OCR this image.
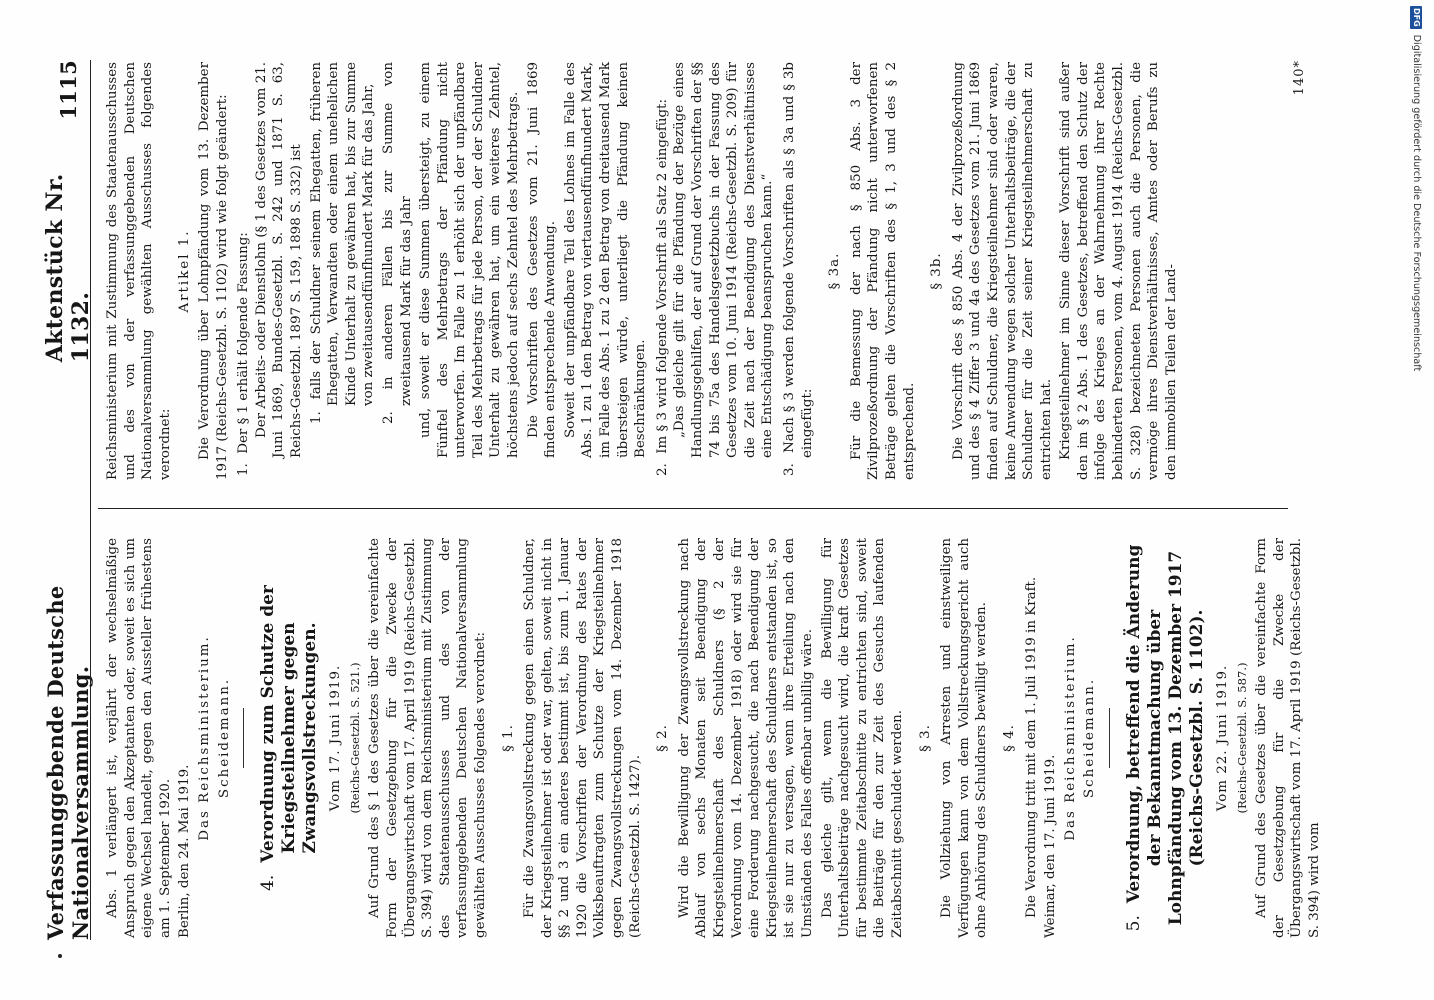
Verfassunggebende Deutsche Nationalversammlung.
Aktenstück Nr. 1132.
1115

Abs. 1 verlängert ist, verjährt der wechselmäßige Anspruch gegen den Akzeptanten oder, soweit es sich um eigene Wechsel handelt, gegen den Aussteller frühestens am 1. September 1920. Berlin, den 24. Mai 1919.

Das Reichsministerium. Scheidemann.

4. Verordnung zum Schutze der Kriegsteilnehmer gegen Zwangsvollstreckungen. Vom 17. Juni 1919. (Reichs-Gesetzbl. S. 521.) Auf Grund des § 1 des Gesetzes über die vereinfachte Form der Gesetzgebung für die Zwecke der Übergangswirtschaft vom 17. April 1919 (Reichs-Gesetzbl. S. 394) wird von dem Reichsministerium mit Zustimmung des Staatenausschusses und des von der verfassunggebenden Deutschen Nationalversammlung gewählten Ausschusses folgendes verordnet: § 1. Für die Zwangsvollstreckung gegen einen Schuldner, der Kriegsteilnehmer ist oder war, gelten, soweit nicht in §§ 2 und 3 ein anderes bestimmt ist, bis zum 1. Januar 1920 die Vorschriften der Verordnung des Rates der Volksbeauftragten zum Schutze der Kriegsteilnehmer gegen Zwangsvollstreckungen vom 14. Dezember 1918 (Reichs-Gesetzbl. S. 1427).

§ 2. Wird die Bewilligung der Zwangsvollstreckung nach Ablauf von sechs Monaten seit Beendigung der Kriegsteilnehmerschaft des Schuldners (§ 2 der Verordnung vom 14. Dezember 1918) oder wird sie für eine Forderung nachgesucht, die nach Beendigung der Kriegsteilnehmerschaft des Schuldners entstanden ist, so ist sie nur zu versagen, wenn ihre Erteilung nach den Umständen des Falles offenbar unbillig wäre. Das gleiche gilt, wenn die Bewilligung für Unterhaltsbeiträge nachgesucht wird, die kraft Gesetzes für bestimmte Zeitabschnitte zu entrichten sind, soweit die Beiträge für den zur Zeit des Gesuchs laufenden Zeitabschnitt geschuldet werden. § 3. Die Vollziehung von Arresten und einstweiligen Verfügungen kann von dem Vollstreckungsgericht auch ohne Anhörung des Schuldners bewilligt werden. § 4. Die Verordnung tritt mit dem 1. Juli 1919 in Kraft. Weimar, den 17. Juni 1919.

Das Reichsministerium. Scheidemann.

5. Verordnung, betreffend die Änderung der Bekanntmachung über Lohnpfändung vom 13. Dezember 1917 (Reichs-Gesetzbl. S. 1102). Vom 22. Juni 1919. (Reichs-Gesetzbl. S. 587.) Auf Grund des Gesetzes über die vereinfachte Form der Gesetzgebung für die Zwecke der Übergangswirtschaft vom 17. April 1919 (Reichs-Gesetzbl. S. 394) wird vom

Reichsministerium mit Zustimmung des Staatenausschusses und des von der verfassunggebenden Deutschen Nationalversammlung gewählten Ausschusses folgendes verordnet:

Artikel 1. Die Verordnung über Lohnpfändung vom 13. Dezember 1917 (Reichs-Gesetzbl. S. 1102) wird wie folgt geändert: 1. Der § 1 erhält folgende Fassung: Der Arbeits- oder Dienstlohn (§ 1 des Gesetzes vom 21. Juni 1869, Bundes-Gesetzbl. S. 242 und 1871 S. 63, Reichs-Gesetzbl. 1897 S. 159, 1898 S. 332) ist 1. falls der Schuldner seinem Ehegatten, früheren Ehegatten, Verwandten oder einem unehelichen Kinde Unterhalt zu gewähren hat, bis zur Summe von zweitausendfünfhundert Mark für das Jahr,
2. in anderen Fällen bis zur Summe von zweitausend Mark für das Jahr und, soweit er diese Summen übersteigt, zu einem Fünftel des Mehrbetrags der Pfändung nicht unterworfen. Im Falle zu 1 erhöht sich der unpfändbare Teil des Mehrbetrags für jede Person, der der Schuldner Unterhalt zu gewähren hat, um ein weiteres Zehntel, höchstens jedoch auf sechs Zehntel des Mehrbetrags. Die Vorschriften des Gesetzes vom 21. Juni 1869 finden entsprechende Anwendung. Soweit der unpfändbare Teil des Lohnes im Falle des Abs. 1 zu 1 den Betrag von viertausendfünfhundert Mark, im Falle des Abs. 1 zu 2 den Betrag von dreitausend Mark übersteigen würde, unterliegt die Pfändung keinen Beschränkungen.

2. Im § 3 wird folgende Vorschrift als Satz 2 eingefügt: „Das gleiche gilt für die Pfändung der Bezüge eines Handlungsgehilfen, der auf Grund der Vorschriften der §§ 74 bis 75a des Handelsgesetzbuchs in der Fassung des Gesetzes vom 10. Juni 1914 (Reichs-Gesetzbl. S. 209) für die Zeit nach der Beendigung des Dienstverhältnisses eine Entschädigung beanspruchen kann.“

3. Nach § 3 werden folgende Vorschriften als § 3a und § 3b eingefügt:

§ 3a. Für die Bemessung der nach § 850 Abs. 3 der Zivilprozeßordnung der Pfändung nicht unterworfenen Beträge gelten die Vorschriften des § 1, 3 und des § 2 entsprechend.

§ 3b. Die Vorschrift des § 850 Abs. 4 der Zivilprozeßordnung und des § 4 Ziffer 3 und 4a des Gesetzes vom 21. Juni 1869 finden auf Schuldner, die Kriegsteilnehmer sind oder waren, keine Anwendung wegen solcher Unterhaltsbeiträge, die der Schuldner für die Zeit seiner Kriegsteilnehmerschaft zu entrichten hat. Kriegsteilnehmer im Sinne dieser Vorschrift sind außer den im § 2 Abs. 1 des Gesetzes, betreffend den Schutz der infolge des Krieges an der Wahrnehmung ihrer Rechte behinderten Personen, vom 4. August 1914 (Reichs-Gesetzbl. S. 328) bezeichneten Personen auch die Personen, die vermöge ihres Dienstverhältnisses, Amtes oder Berufs zu den immobilen Teilen der Land-

140*
DFG
Digitalisierung gefördert durch die Deutsche Forschungsgemeinschaft
